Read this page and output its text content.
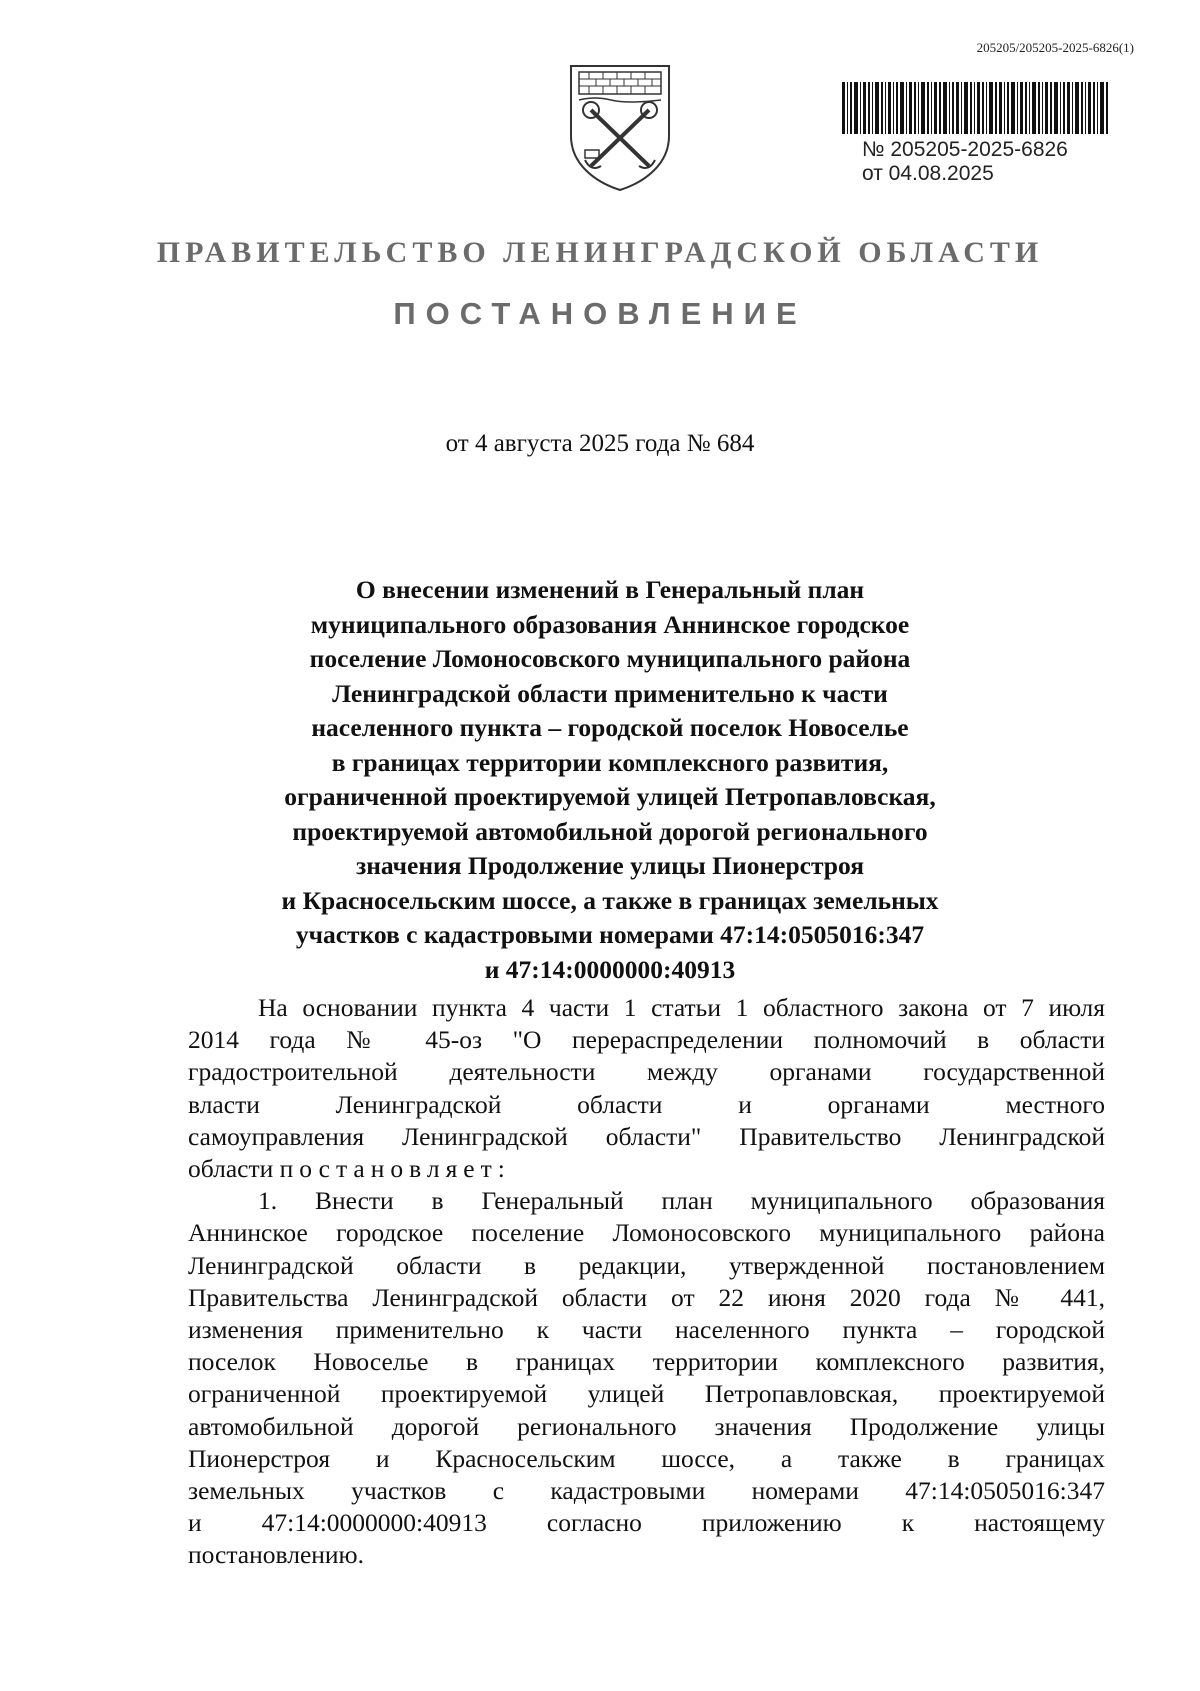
205205/205205-2025-6826(1)
№ 205205-2025-6826
от 04.08.2025
ПРАВИТЕЛЬСТВО ЛЕНИНГРАДСКОЙ ОБЛАСТИ
ПОСТАНОВЛЕНИЕ
от 4 августа 2025 года № 684
О внесении изменений в Генеральный план
муниципального образования Аннинское городское
поселение Ломоносовского муниципального района
Ленинградской области применительно к части
населенного пункта – городской поселок Новоселье
в границах территории комплексного развития,
ограниченной проектируемой улицей Петропавловская,
проектируемой автомобильной дорогой регионального
значения Продолжение улицы Пионерстроя
и Красносельским шоссе, а также в границах земельных
участков с кадастровыми номерами 47:14:0505016:347
и 47:14:0000000:40913
На основании пункта 4 части 1 статьи 1 областного закона от 7 июля
2014 года № 45-оз "О перераспределении полномочий в области
градостроительной деятельности между органами государственной
власти Ленинградской области и органами местного
самоуправления Ленинградской области" Правительство Ленинградской
области постановляет:
1. Внести в Генеральный план муниципального образования
Аннинское городское поселение Ломоносовского муниципального района
Ленинградской области в редакции, утвержденной постановлением
Правительства Ленинградской области от 22 июня 2020 года № 441,
изменения применительно к части населенного пункта – городской
поселок Новоселье в границах территории комплексного развития,
ограниченной проектируемой улицей Петропавловская, проектируемой
автомобильной дорогой регионального значения Продолжение улицы
Пионерстроя и Красносельским шоссе, а также в границах
земельных участков с кадастровыми номерами 47:14:0505016:347
и 47:14:0000000:40913 согласно приложению к настоящему
постановлению.
